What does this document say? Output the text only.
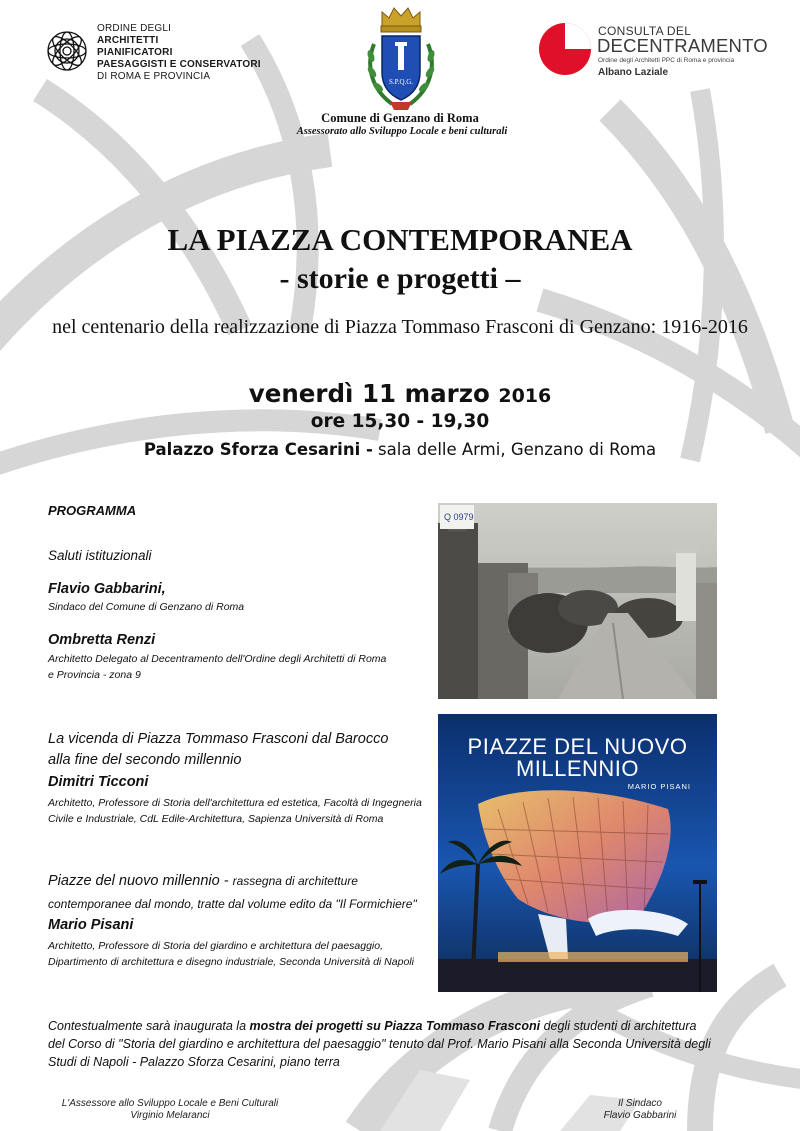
ORDINE DEGLI
ARCHITETTI
PIANIFICATORI
PAESAGGISTI E CONSERVATORI
DI ROMA E PROVINCIA	S.P.Q.G.
Comune di Genzano di Roma
Assessorato allo Sviluppo Locale e beni culturali
CONSULTA DEL
DECENTRAMENTO
Ordine degli Architetti PPC di Roma e provincia
Albano Laziale
LA PIAZZA CONTEMPORANEA
- storie e progetti –
nel centenario della realizzazione di Piazza Tommaso Frasconi di Genzano: 1916-2016
venerdì 11 marzo 2016
ore 15,30 - 19,30
Palazzo Sforza Cesarini - sala delle Armi, Genzano di Roma
PROGRAMMA
Saluti istituzionali
Flavio Gabbarini,
Sindaco del Comune di Genzano di Roma
Ombretta Renzi
Architetto Delegato al Decentramento dell'Ordine degli Architetti di Roma
e Provincia - zona 9
La vicenda di Piazza Tommaso Frasconi dal Barocco
alla fine del secondo millennio
Dimitri Ticconi
Architetto, Professore di Storia dell'architettura ed estetica, Facoltà di Ingegneria
Civile e Industriale, CdL Edile-Architettura, Sapienza Università di Roma
Piazze del nuovo millennio - rassegna di architetture
contemporanee dal mondo, tratte dal volume edito da "Il Formichiere"
Mario Pisani
Architetto, Professore di Storia del giardino e architettura del paesaggio,
Dipartimento di architettura e disegno industriale, Seconda Università di Napoli
Q 0979
PIAZZE DEL NUOVO
MILLENNIO
MARIO PISANI
Contestualmente sarà inaugurata la mostra dei progetti su Piazza Tommaso Frasconi degli studenti di architettura
del Corso di "Storia del giardino e architettura del paesaggio" tenuto dal Prof. Mario Pisani alla Seconda Università degli
Studi di Napoli - Palazzo Sforza Cesarini, piano terra
L'Assessore allo Sviluppo Locale e Beni Culturali
Virginio Melaranci
Il Sindaco
Flavio Gabbarini
